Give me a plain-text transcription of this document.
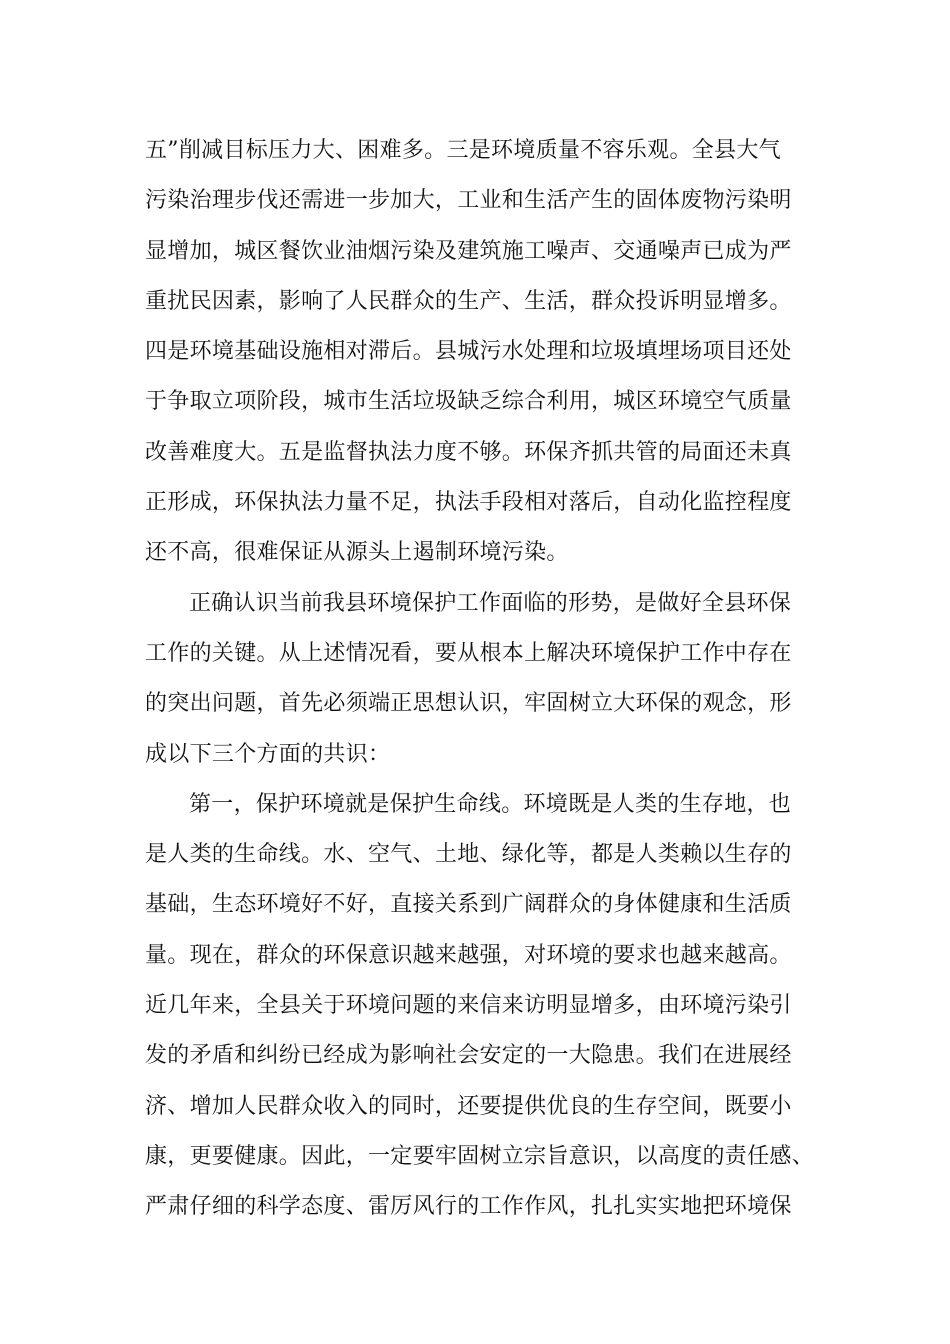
五”削减目标压力大、困难多。三是环境质量不容乐观。全县大气
污染治理步伐还需进一步加大，工业和生活产生的固体废物污染明
显增加，城区餐饮业油烟污染及建筑施工噪声、交通噪声已成为严
重扰民因素，影响了人民群众的生产、生活，群众投诉明显增多。
四是环境基础设施相对滞后。县城污水处理和垃圾填埋场项目还处
于争取立项阶段，城市生活垃圾缺乏综合利用，城区环境空气质量
改善难度大。五是监督执法力度不够。环保齐抓共管的局面还未真
正形成，环保执法力量不足，执法手段相对落后，自动化监控程度
还不高，很难保证从源头上遏制环境污染。
正确认识当前我县环境保护工作面临的形势，是做好全县环保
工作的关键。从上述情况看，要从根本上解决环境保护工作中存在
的突出问题，首先必须端正思想认识，牢固树立大环保的观念，形
成以下三个方面的共识：
第一，保护环境就是保护生命线。环境既是人类的生存地，也
是人类的生命线。水、空气、土地、绿化等，都是人类赖以生存的
基础，生态环境好不好，直接关系到广阔群众的身体健康和生活质
量。现在，群众的环保意识越来越强，对环境的要求也越来越高。
近几年来，全县关于环境问题的来信来访明显增多，由环境污染引
发的矛盾和纠纷已经成为影响社会安定的一大隐患。我们在进展经
济、增加人民群众收入的同时，还要提供优良的生存空间，既要小
康，更要健康。因此，一定要牢固树立宗旨意识，以高度的责任感、
严肃仔细的科学态度、雷厉风行的工作作风，扎扎实实地把环境保
